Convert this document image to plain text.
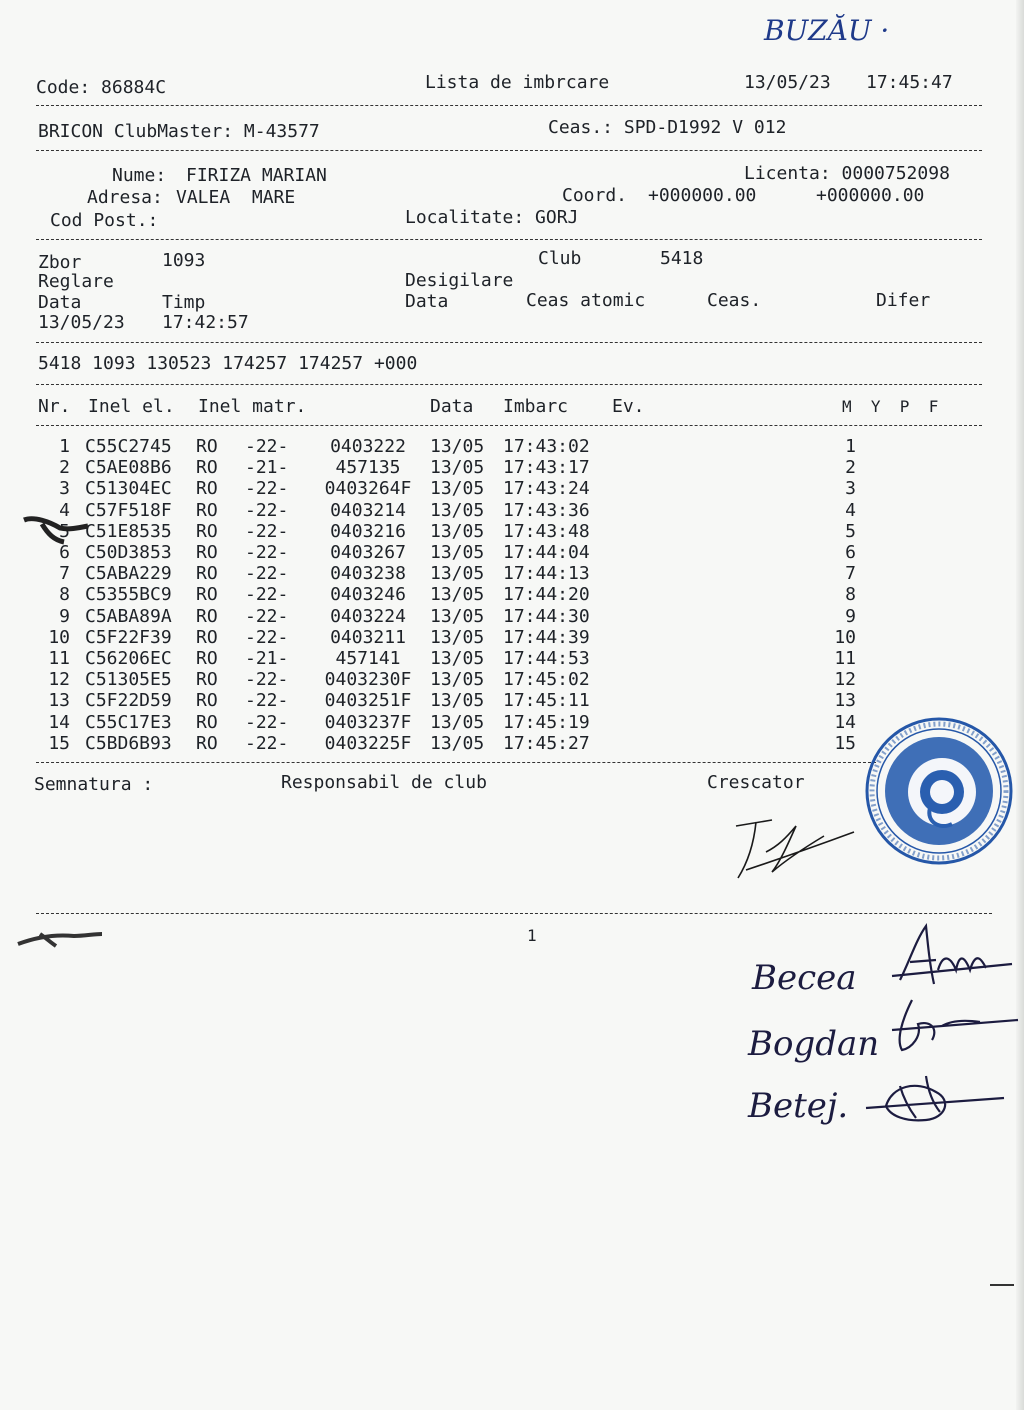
BUZĂU ·
Code: 86884C	Lista de imbrcare	13/05/23 17:45:47
BRICON ClubMaster: M-43577	Ceas.: SPD-D1992 V 012
Nume: FIRIZA MARIAN	Licenta: 0000752098
Adresa: VALEA  MARE	Coord. +000000.00	+000000.00
Cod Post.:	Localitate: GORJ
Zbor	1093	Club	5418
Reglare	Desigilare
Data	Timp	Data	Ceas atomic	Ceas.	Difer
13/05/23 17:42:57
5418 1093 130523 174257 174257 +000
Nr. Inel el. Inel matr.	Data Imbarc Ev.	M  Y  P  F
1 C55C2745 RO -22-	0403222	13/05 17:43:02	1
2 C5AE08B6 RO -21-	457135	13/05 17:43:17	2
3 C51304EC RO -22- 0403264F 13/05 17:43:24	3
4 C57F518F RO -22-	0403214	13/05 17:43:36	4
5 C51E8535 RO -22-	0403216	13/05 17:43:48	5
6 C50D3853 RO -22-	0403267	13/05 17:44:04	6
7 C5ABA229 RO -22-	0403238	13/05 17:44:13	7
8 C5355BC9 RO -22-	0403246	13/05 17:44:20	8
9 C5ABA89A RO -22-	0403224	13/05 17:44:30	9
10 C5F22F39 RO -22-	0403211	13/05 17:44:39	10
11 C56206EC RO -21-	457141	13/05 17:44:53	11
12 C51305E5 RO -22- 0403230F 13/05 17:45:02	12
13 C5F22D59 RO -22- 0403251F 13/05 17:45:11	13
14 C55C17E3 RO -22- 0403237F 13/05 17:45:19	14
15 C5BD6B93 RO -22- 0403225F 13/05 17:45:27	15
Semnatura :	Responsabil de club	Crescator
1
Becea
Bogdan
Betej.
